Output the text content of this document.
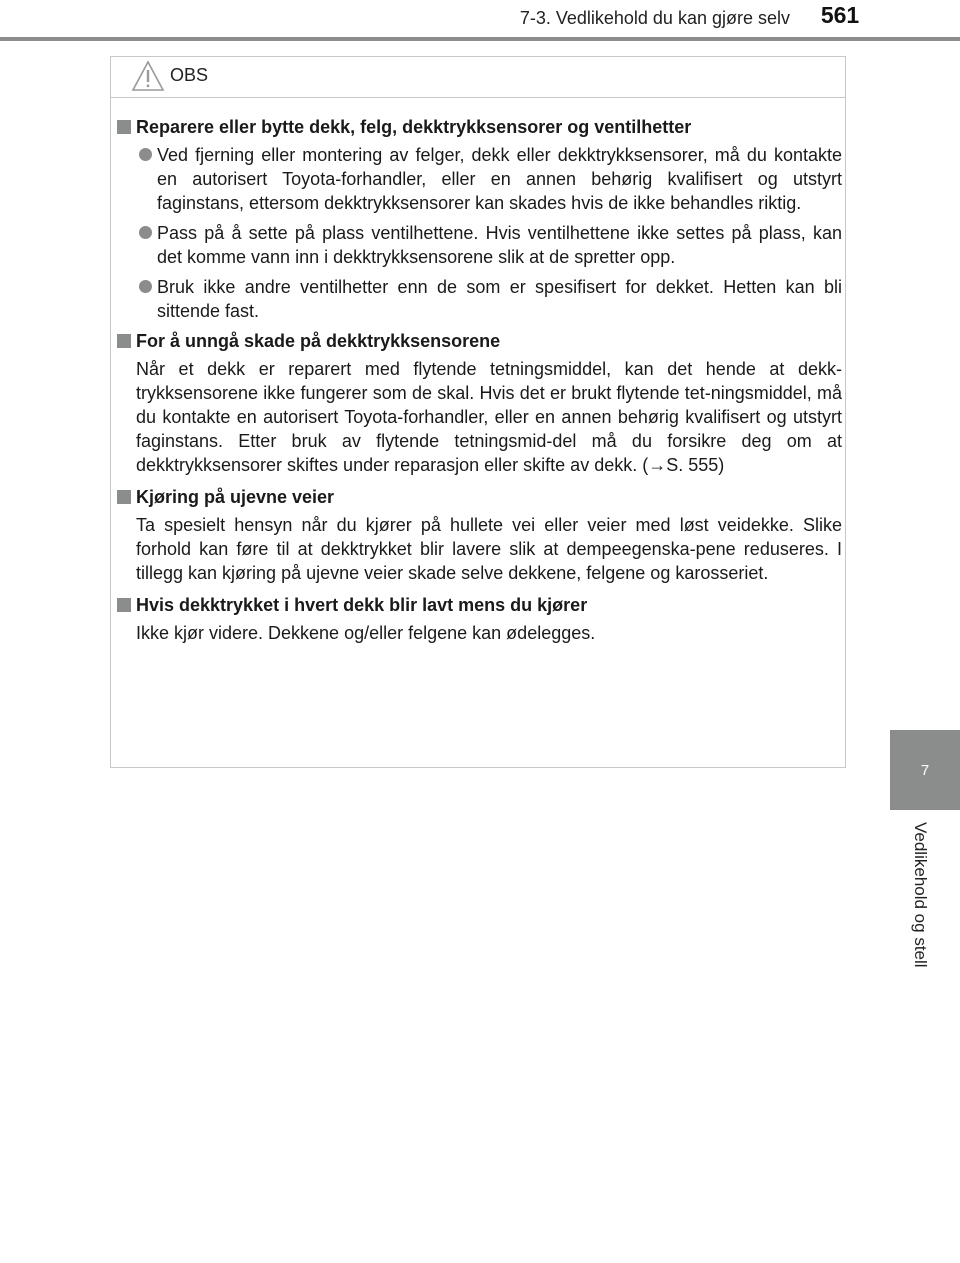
7-3. Vedlikehold du kan gjøre selv	561
7
Vedlikehold og stell
OBS
Reparere eller bytte dekk, felg, dekktrykksensorer og ventilhetter
Ved fjerning eller montering av felger, dekk eller dekktrykksensorer, må du kontakte en autorisert Toyota-forhandler, eller en annen behørig kvalifisert og utstyrt faginstans, ettersom dekktrykksensorer kan skades hvis de ikke behandles riktig.
Pass på å sette på plass ventilhettene. Hvis ventilhettene ikke settes på plass, kan det komme vann inn i dekktrykksensorene slik at de spretter opp.
Bruk ikke andre ventilhetter enn de som er spesifisert for dekket. Hetten kan bli sittende fast.
For å unngå skade på dekktrykksensorene
Når et dekk er reparert med flytende tetningsmiddel, kan det hende at dekk-trykksensorene ikke fungerer som de skal. Hvis det er brukt flytende tet-ningsmiddel, må du kontakte en autorisert Toyota-forhandler, eller en annen behørig kvalifisert og utstyrt faginstans. Etter bruk av flytende tetningsmid-del må du forsikre deg om at dekktrykksensorer skiftes under reparasjon eller skifte av dekk. (→S. 555)
Kjøring på ujevne veier
Ta spesielt hensyn når du kjører på hullete vei eller veier med løst veidekke. Slike forhold kan føre til at dekktrykket blir lavere slik at dempeegenska-pene reduseres. I tillegg kan kjøring på ujevne veier skade selve dekkene, felgene og karosseriet.
Hvis dekktrykket i hvert dekk blir lavt mens du kjører
Ikke kjør videre. Dekkene og/eller felgene kan ødelegges.
